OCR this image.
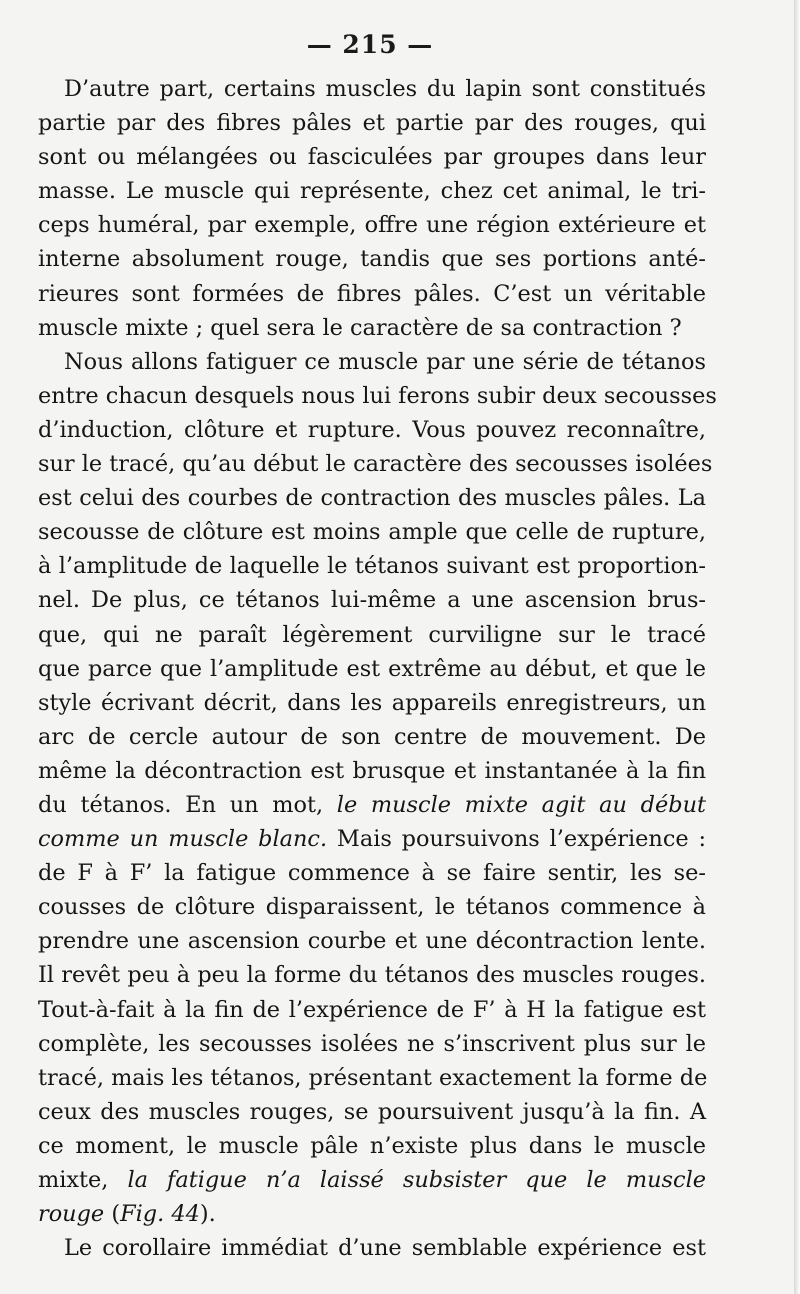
— 215 —
D’autre part, certains muscles du lapin sont constitués
partie par des fibres pâles et partie par des rouges, qui
sont ou mélangées ou fasciculées par groupes dans leur
masse. Le muscle qui représente, chez cet animal, le tri-
ceps huméral, par exemple, offre une région extérieure et
interne absolument rouge, tandis que ses portions anté-
rieures sont formées de fibres pâles. C’est un véritable
muscle mixte ; quel sera le caractère de sa contraction ?
Nous allons fatiguer ce muscle par une série de tétanos
entre chacun desquels nous lui ferons subir deux secousses
d’induction, clôture et rupture. Vous pouvez reconnaître,
sur le tracé, qu’au début le caractère des secousses isolées
est celui des courbes de contraction des muscles pâles. La
secousse de clôture est moins ample que celle de rupture,
à l’amplitude de laquelle le tétanos suivant est proportion-
nel. De plus, ce tétanos lui-même a une ascension brus-
que, qui ne paraît légèrement curviligne sur le tracé
que parce que l’amplitude est extrême au début, et que le
style écrivant décrit, dans les appareils enregistreurs, un
arc de cercle autour de son centre de mouvement. De
même la décontraction est brusque et instantanée à la fin
du tétanos. En un mot, le muscle mixte agit au début
comme un muscle blanc. Mais poursuivons l’expérience :
de F à F’ la fatigue commence à se faire sentir, les se-
cousses de clôture disparaissent, le tétanos commence à
prendre une ascension courbe et une décontraction lente.
Il revêt peu à peu la forme du tétanos des muscles rouges.
Tout-à-fait à la fin de l’expérience de F’ à H la fatigue est
complète, les secousses isolées ne s’inscrivent plus sur le
tracé, mais les tétanos, présentant exactement la forme de
ceux des muscles rouges, se poursuivent jusqu’à la fin. A
ce moment, le muscle pâle n’existe plus dans le muscle
mixte, la fatigue n’a laissé subsister que le muscle
rouge (Fig. 44).
Le corollaire immédiat d’une semblable expérience est
